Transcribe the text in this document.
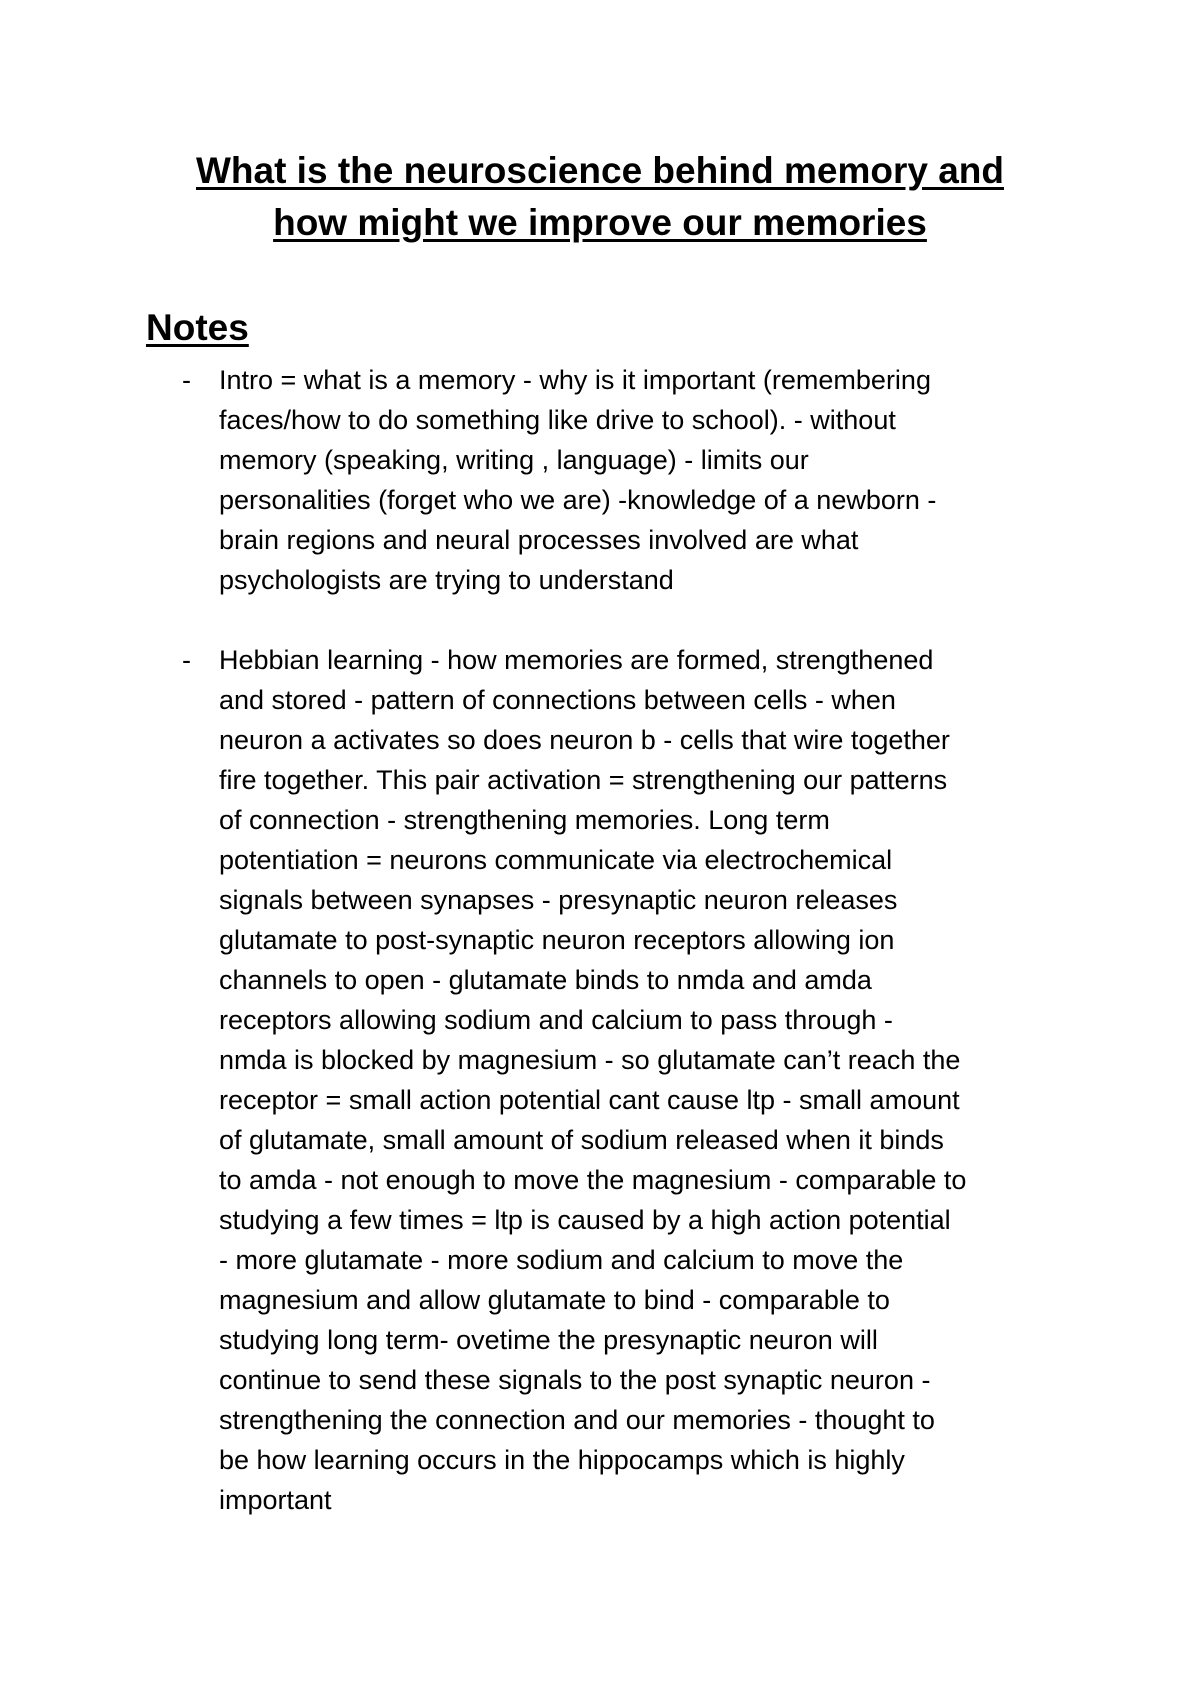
What is the neuroscience behind memory and
how might we improve our memories
Notes
- Intro = what is a memory - why is it important (remembering
faces/how to do something like drive to school). - without
memory (speaking, writing , language) - limits our
personalities (forget who we are) -knowledge of a newborn -
brain regions and neural processes involved are what
psychologists are trying to understand
- Hebbian learning - how memories are formed, strengthened
and stored - pattern of connections between cells - when
neuron a activates so does neuron b - cells that wire together
fire together. This pair activation = strengthening our patterns
of connection - strengthening memories. Long term
potentiation = neurons communicate via electrochemical
signals between synapses - presynaptic neuron releases
glutamate to post-synaptic neuron receptors allowing ion
channels to open - glutamate binds to nmda and amda
receptors allowing sodium and calcium to pass through -
nmda is blocked by magnesium - so glutamate can’t reach the
receptor = small action potential cant cause ltp - small amount
of glutamate, small amount of sodium released when it binds
to amda - not enough to move the magnesium - comparable to
studying a few times = ltp is caused by a high action potential
- more glutamate - more sodium and calcium to move the
magnesium and allow glutamate to bind - comparable to
studying long term- ovetime the presynaptic neuron will
continue to send these signals to the post synaptic neuron -
strengthening the connection and our memories - thought to
be how learning occurs in the hippocamps which is highly
important
